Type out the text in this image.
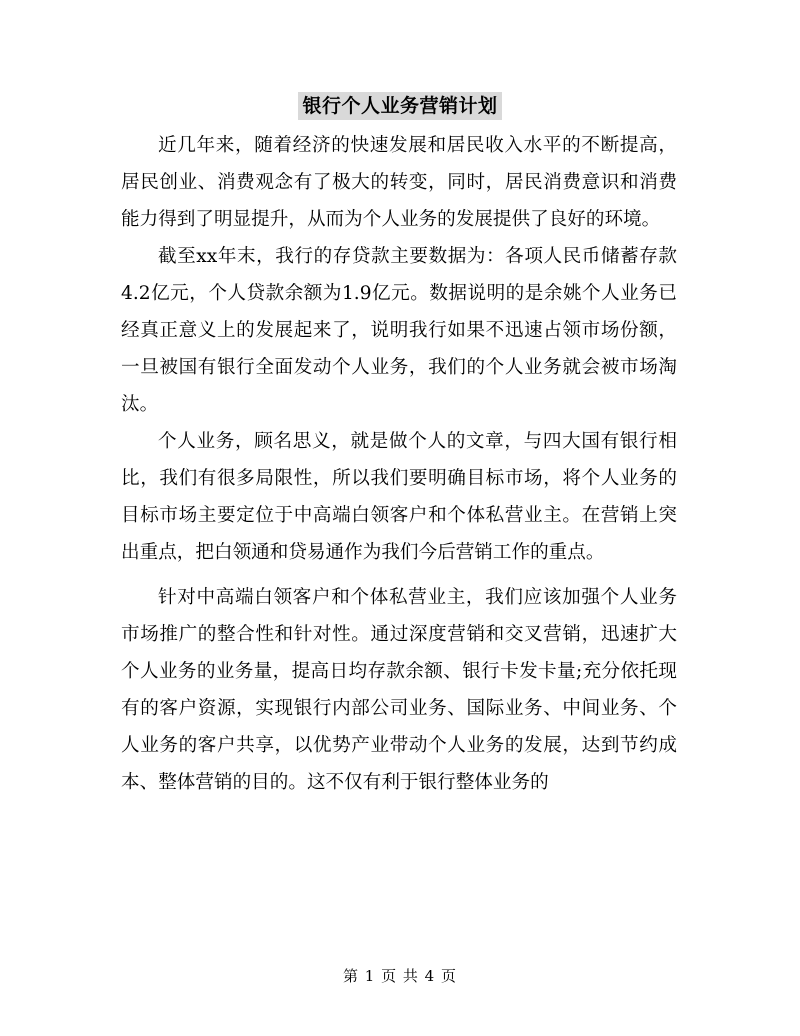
银行个人业务营销计划

近几年来，随着经济的快速发展和居民收入水平的不断提高，居民创业、消费观念有了极大的转变，同时，居民消费意识和消费能力得到了明显提升，从而为个人业务的发展提供了良好的环境。

截至xx年末，我行的存贷款主要数据为：各项人民币储蓄存款4.2亿元，个人贷款余额为1.9亿元。数据说明的是余姚个人业务已经真正意义上的发展起来了，说明我行如果不迅速占领市场份额，一旦被国有银行全面发动个人业务，我们的个人业务就会被市场淘汰。

个人业务，顾名思义，就是做个人的文章，与四大国有银行相比，我们有很多局限性，所以我们要明确目标市场，将个人业务的目标市场主要定位于中高端白领客户和个体私营业主。在营销上突出重点，把白领通和贷易通作为我们今后营销工作的重点。

针对中高端白领客户和个体私营业主，我们应该加强个人业务市场推广的整合性和针对性。通过深度营销和交叉营销，迅速扩大个人业务的业务量，提高日均存款余额、银行卡发卡量;充分依托现有的客户资源，实现银行内部公司业务、国际业务、中间业务、个人业务的客户共享，以优势产业带动个人业务的发展，达到节约成本、整体营销的目的。这不仅有利于银行整体业务的

第 1 页 共 4 页
